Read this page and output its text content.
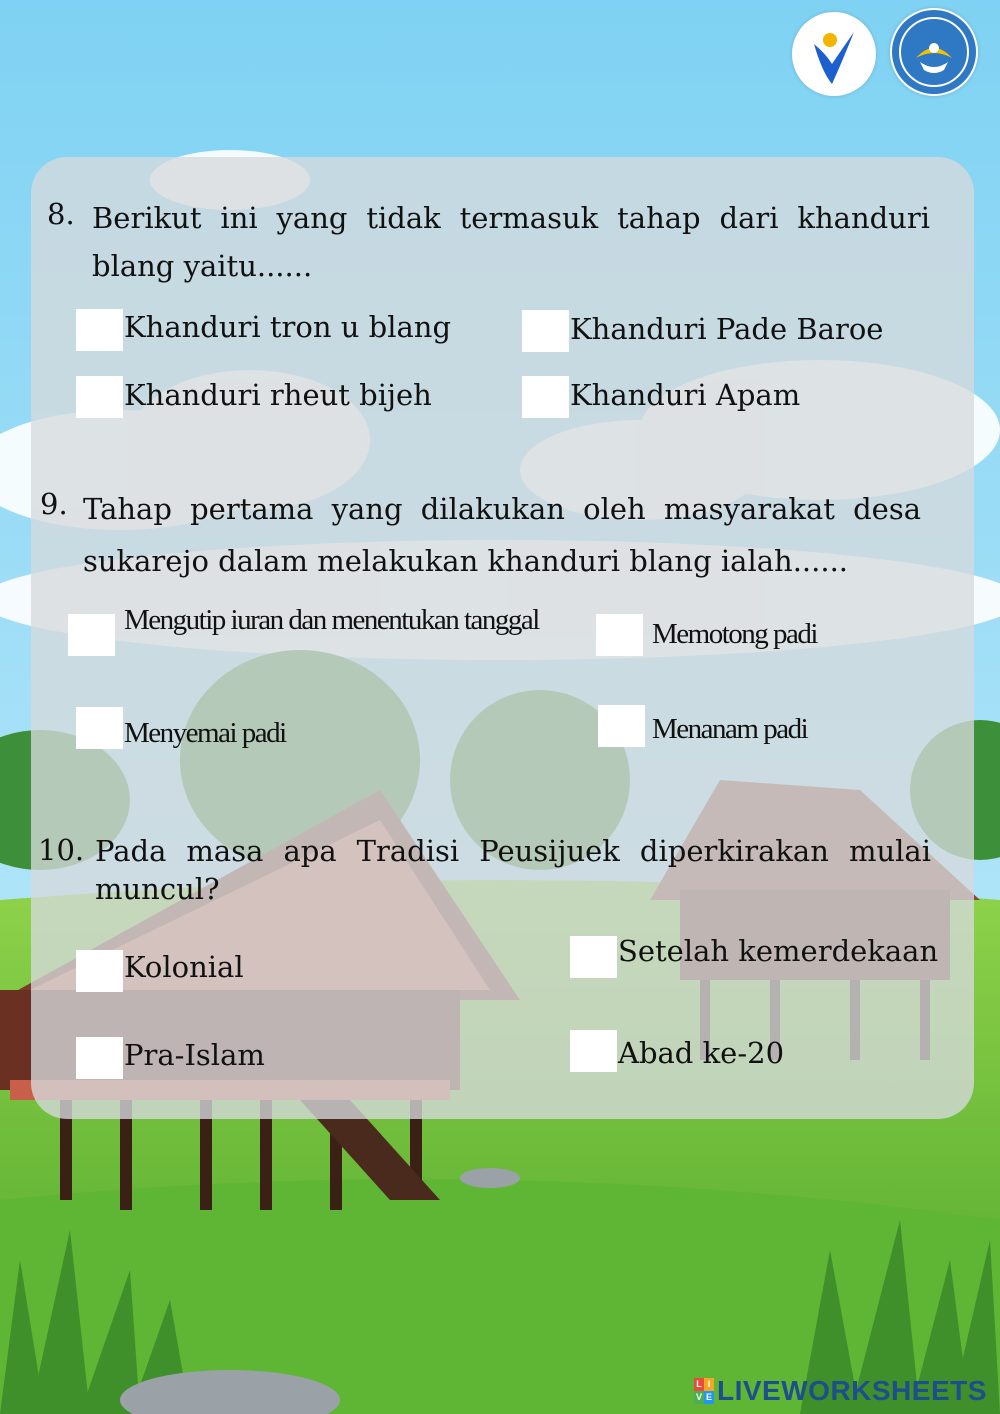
8. Berikut ini yang tidak termasuk tahap dari khanduri blang yaitu......
Khanduri tron u blang	Khanduri Pade Baroe
Khanduri rheut bijeh	Khanduri Apam
9. Tahap pertama yang dilakukan oleh masyarakat desa sukarejo dalam melakukan khanduri blang ialah......
Mengutip iuran dan menentukan tanggal	Memotong padi
Menyemai padi	Menanam padi
10. Pada masa apa Tradisi Peusijuek diperkirakan mulai muncul?
Kolonial	Setelah kemerdekaan
Pra-Islam	Abad ke-20
L I
V E LIVEWORKSHEETS
